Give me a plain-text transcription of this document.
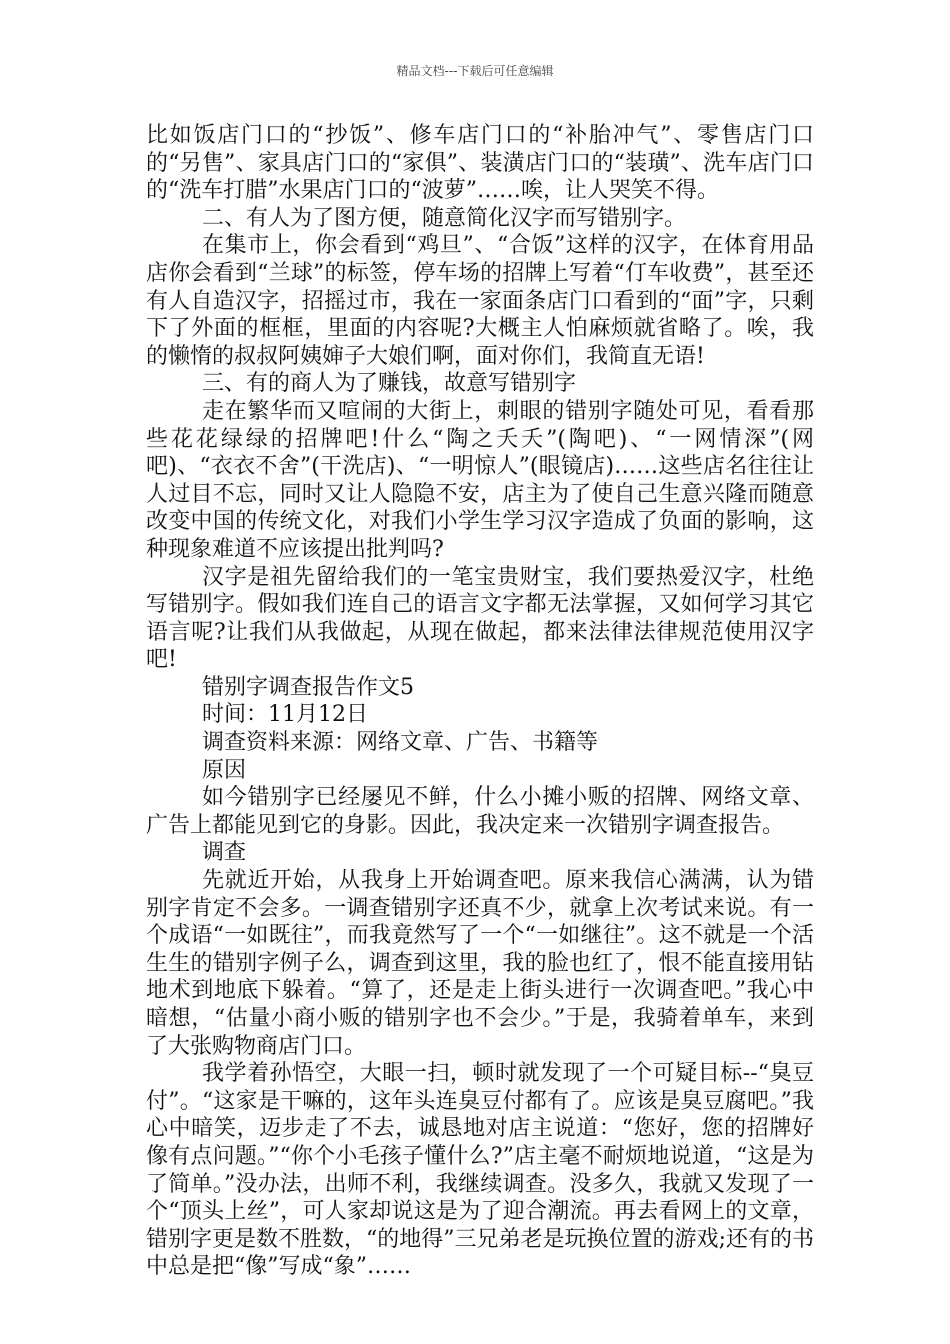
精品文档---下载后可任意编辑

比如饭店门口的“抄饭”、修车店门口的“补胎冲气”、零售店门口的“另售”、家具店门口的“家俱”、装潢店门口的“装璜”、洗车店门口的“洗车打腊”水果店门口的“波萝”……唉，让人哭笑不得。

二、有人为了图方便，随意简化汉字而写错别字。

在集市上，你会看到“鸡旦”、“合饭”这样的汉字，在体育用品店你会看到“兰球”的标签，停车场的招牌上写着“仃车收费”，甚至还有人自造汉字，招摇过市，我在一家面条店门口看到的“面”字，只剩下了外面的框框，里面的内容呢?大概主人怕麻烦就省略了。唉，我的懒惰的叔叔阿姨婶子大娘们啊，面对你们，我简直无语!

三、有的商人为了赚钱，故意写错别字

走在繁华而又喧闹的大街上，刺眼的错别字随处可见，看看那些花花绿绿的招牌吧!什么“陶之夭夭”(陶吧)、“一网情深”(网吧)、“衣衣不舍”(干洗店)、“一明惊人”(眼镜店)……这些店名往往让人过目不忘，同时又让人隐隐不安，店主为了使自己生意兴隆而随意改变中国的传统文化，对我们小学生学习汉字造成了负面的影响，这种现象难道不应该提出批判吗?

汉字是祖先留给我们的一笔宝贵财宝，我们要热爱汉字，杜绝写错别字。假如我们连自己的语言文字都无法掌握，又如何学习其它语言呢?让我们从我做起，从现在做起，都来法律法律规范使用汉字吧!

错别字调查报告作文5

时间：11月12日

调查资料来源：网络文章、广告、书籍等

原因

如今错别字已经屡见不鲜，什么小摊小贩的招牌、网络文章、广告上都能见到它的身影。因此，我决定来一次错别字调查报告。

调查

先就近开始，从我身上开始调查吧。原来我信心满满，认为错别字肯定不会多。一调查错别字还真不少，就拿上次考试来说。有一个成语“一如既往”，而我竟然写了一个“一如继往”。这不就是一个活生生的错别字例子么，调查到这里，我的脸也红了，恨不能直接用钻地术到地底下躲着。“算了，还是走上街头进行一次调查吧。”我心中暗想，“估量小商小贩的错别字也不会少。”于是，我骑着单车，来到了大张购物商店门口。

我学着孙悟空，大眼一扫，顿时就发现了一个可疑目标--“臭豆付”。“这家是干嘛的，这年头连臭豆付都有了。应该是臭豆腐吧。”我心中暗笑，迈步走了不去，诚恳地对店主说道：“您好，您的招牌好像有点问题。”“你个小毛孩子懂什么?”店主毫不耐烦地说道，“这是为了简单。”没办法，出师不利，我继续调查。没多久，我就又发现了一个“顶头上丝”，可人家却说这是为了迎合潮流。再去看网上的文章，错别字更是数不胜数，“的地得”三兄弟老是玩换位置的游戏;还有的书中总是把“像”写成“象”……
